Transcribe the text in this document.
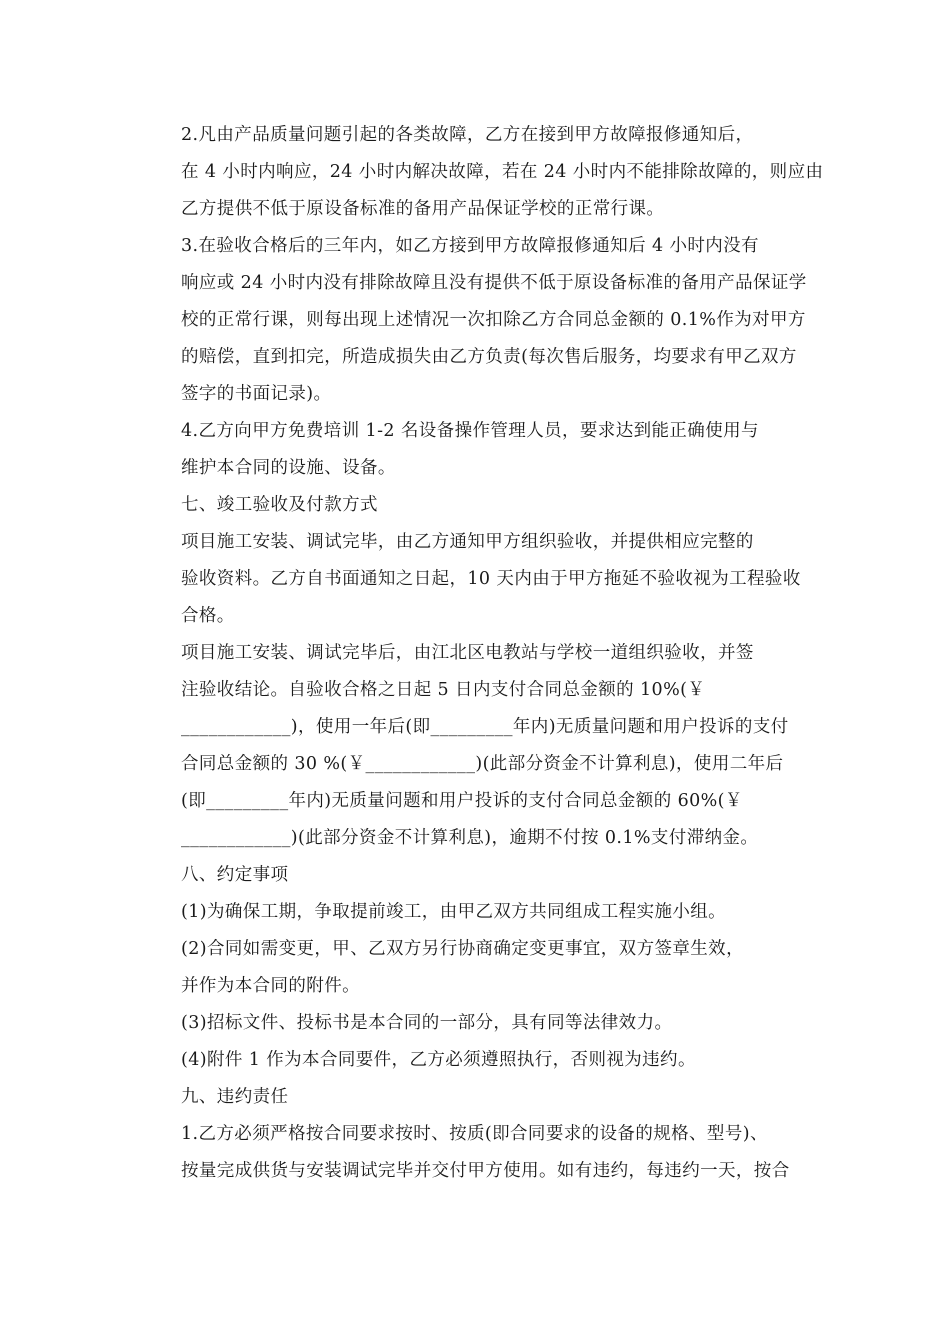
2.凡由产品质量问题引起的各类故障，乙方在接到甲方故障报修通知后，
在 4 小时内响应，24 小时内解决故障，若在 24 小时内不能排除故障的，则应由
乙方提供不低于原设备标准的备用产品保证学校的正常行课。
3.在验收合格后的三年内，如乙方接到甲方故障报修通知后 4 小时内没有
响应或 24 小时内没有排除故障且没有提供不低于原设备标准的备用产品保证学
校的正常行课，则每出现上述情况一次扣除乙方合同总金额的 0.1%作为对甲方
的赔偿，直到扣完，所造成损失由乙方负责(每次售后服务，均要求有甲乙双方
签字的书面记录)。
4.乙方向甲方免费培训 1-2 名设备操作管理人员，要求达到能正确使用与
维护本合同的设施、设备。
七、竣工验收及付款方式
项目施工安装、调试完毕，由乙方通知甲方组织验收，并提供相应完整的
验收资料。乙方自书面通知之日起，10 天内由于甲方拖延不验收视为工程验收
合格。
项目施工安装、调试完毕后，由江北区电教站与学校一道组织验收，并签
注验收结论。自验收合格之日起 5 日内支付合同总金额的 10%(￥
____________)，使用一年后(即_________年内)无质量问题和用户投诉的支付
合同总金额的 30 %(￥____________)(此部分资金不计算利息)，使用二年后
(即_________年内)无质量问题和用户投诉的支付合同总金额的 60%(￥
____________)(此部分资金不计算利息)，逾期不付按 0.1%支付滞纳金。
八、约定事项
(1)为确保工期，争取提前竣工，由甲乙双方共同组成工程实施小组。
(2)合同如需变更，甲、乙双方另行协商确定变更事宜，双方签章生效，
并作为本合同的附件。
(3)招标文件、投标书是本合同的一部分，具有同等法律效力。
(4)附件 1 作为本合同要件，乙方必须遵照执行，否则视为违约。
九、违约责任
1.乙方必须严格按合同要求按时、按质(即合同要求的设备的规格、型号)、
按量完成供货与安装调试完毕并交付甲方使用。如有违约，每违约一天，按合
